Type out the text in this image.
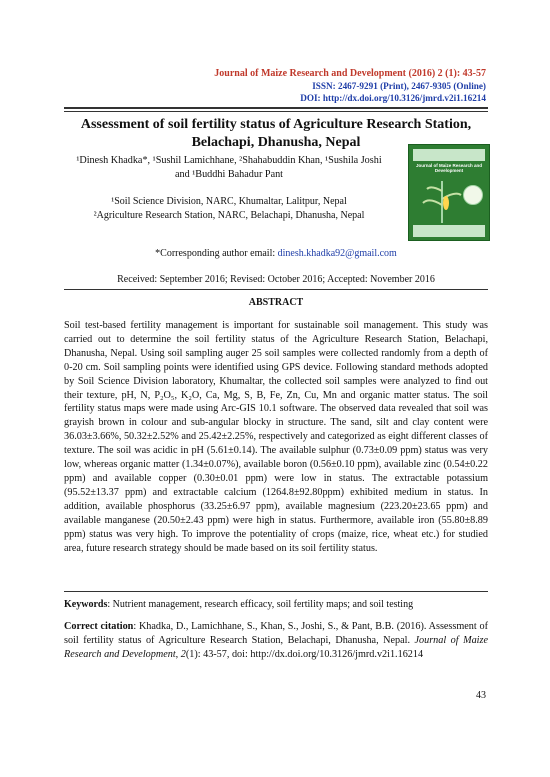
Journal of Maize Research and Development (2016) 2 (1): 43-57
ISSN: 2467-9291 (Print), 2467-9305 (Online)
DOI: http://dx.doi.org/10.3126/jmrd.v2i1.16214
Assessment of soil fertility status of Agriculture Research Station, Belachapi, Dhanusha, Nepal
¹Dinesh Khadka*, ¹Sushil Lamichhane, ²Shahabuddin Khan, ¹Sushila Joshi
and ¹Buddhi Bahadur Pant
¹Soil Science Division, NARC, Khumaltar, Lalitpur, Nepal
²Agriculture Research Station, NARC, Belachapi, Dhanusha, Nepal
Journal of Maize Research and Development
*Corresponding author email: dinesh.khadka92@gmail.com
Received: September 2016; Revised: October 2016; Accepted: November 2016
ABSTRACT
Soil test-based fertility management is important for sustainable soil management. This study was carried out to determine the soil fertility status of the Agriculture Research Station, Belachapi, Dhanusha, Nepal. Using soil sampling auger 25 soil samples were collected randomly from a depth of 0-20 cm. Soil sampling points were identified using GPS device. Following standard methods adopted by Soil Science Division laboratory, Khumaltar, the collected soil samples were analyzed to find out their texture, pH, N, P₂O₅, K₂O, Ca, Mg, S, B, Fe, Zn, Cu, Mn and organic matter status. The soil fertility status maps were made using Arc-GIS 10.1 software. The observed data revealed that soil was grayish brown in colour and sub-angular blocky in structure. The sand, silt and clay content were 36.03±3.66%, 50.32±2.52% and 25.42±2.25%, respectively and categorized as eight different classes of texture. The soil was acidic in pH (5.61±0.14). The available sulphur (0.73±0.09 ppm) status was very low, whereas organic matter (1.34±0.07%), available boron (0.56±0.10 ppm), available zinc (0.54±0.22 ppm) and available copper (0.30±0.01 ppm) were low in status. The extractable potassium (95.52±13.37 ppm) and extractable calcium (1264.8±92.80ppm) exhibited medium in status. In addition, available phosphorus (33.25±6.97 ppm), available magnesium (223.20±23.65 ppm) and available manganese (20.50±2.43 ppm) were high in status. Furthermore, available iron (55.80±8.89 ppm) status was very high. To improve the potentiality of crops (maize, rice, wheat etc.) for studied area, future research strategy should be made based on its soil fertility status.
Keywords: Nutrient management, research efficacy, soil fertility maps; and soil testing
Correct citation: Khadka, D., Lamichhane, S., Khan, S., Joshi, S., & Pant, B.B. (2016). Assessment of soil fertility status of Agriculture Research Station, Belachapi, Dhanusha, Nepal. Journal of Maize Research and Development, 2(1): 43-57, doi: http://dx.doi.org/10.3126/jmrd.v2i1.16214
43
